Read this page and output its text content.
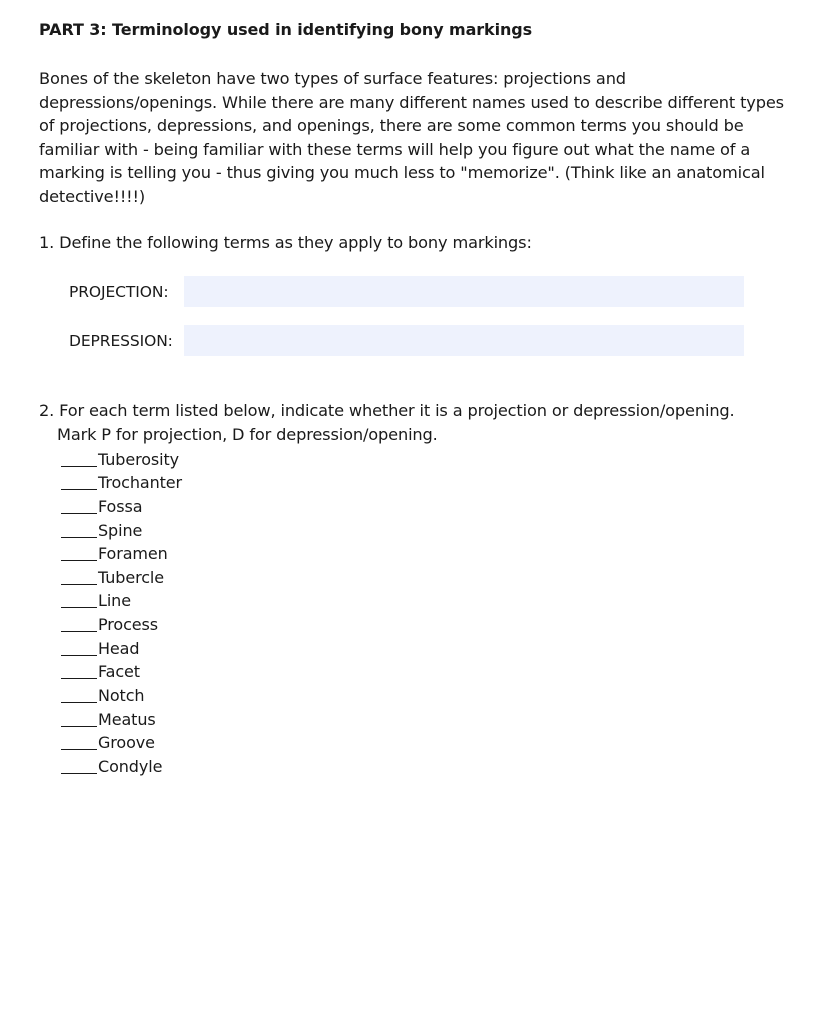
PART 3: Terminology used in identifying bony markings

Bones of the skeleton have two types of surface features: projections and depressions/openings. While there are many different names used to describe different types of projections, depressions, and openings, there are some common terms you should be familiar with - being familiar with these terms will help you figure out what the name of a marking is telling you - thus giving you much less to "memorize". (Think like an anatomical detective!!!!)

1. Define the following terms as they apply to bony markings:
PROJECTION:
DEPRESSION:
2. For each term listed below, indicate whether it is a projection or depression/opening.
Mark P for projection, D for depression/opening.
Tuberosity
Trochanter
Fossa
Spine
Foramen
Tubercle
Line
Process
Head
Facet
Notch
Meatus
Groove
Condyle
